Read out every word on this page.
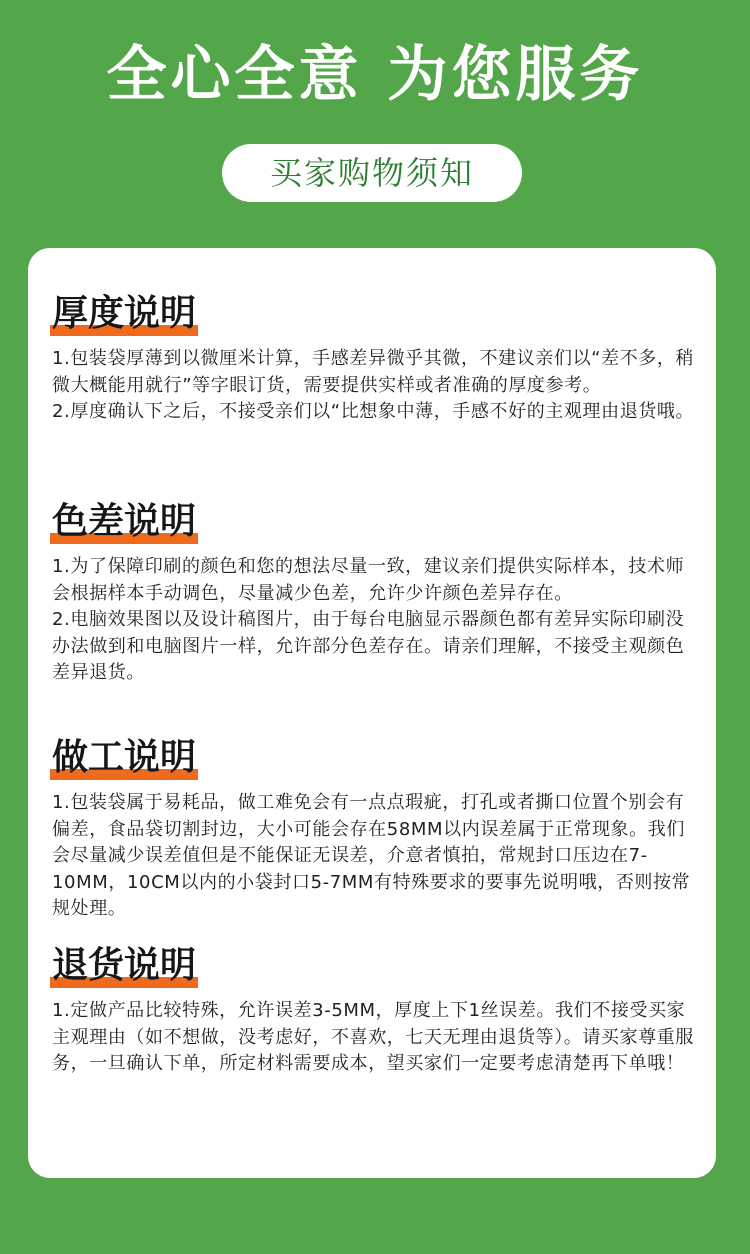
全心全意 为您服务
买家购物须知
厚度说明

1.包装袋厚薄到以微厘米计算，手感差异微乎其微，不建议亲们以“差不多，稍微大概能用就行”等字眼订货，需要提供实样或者准确的厚度参考。

2.厚度确认下之后，不接受亲们以“比想象中薄，手感不好的主观理由退货哦。

色差说明

1.为了保障印刷的颜色和您的想法尽量一致，建议亲们提供实际样本，技术师会根据样本手动调色，尽量减少色差，允许少许颜色差异存在。

2.电脑效果图以及设计稿图片，由于每台电脑显示器颜色都有差异实际印刷没办法做到和电脑图片一样，允许部分色差存在。请亲们理解，不接受主观颜色差异退货。

做工说明

1.包装袋属于易耗品，做工难免会有一点点瑕疵，打孔或者撕口位置个别会有偏差，食品袋切割封边，大小可能会存在58MM以内误差属于正常现象。我们会尽量减少误差值但是不能保证无误差，介意者慎拍，常规封口压边在7-10MM，10CM以内的小袋封口5-7MM有特殊要求的要事先说明哦，否则按常规处理。

退货说明

1.定做产品比较特殊，允许误差3-5MM，厚度上下1丝误差。我们不接受买家主观理由（如不想做，没考虑好，不喜欢，七天无理由退货等）。请买家尊重服务，一旦确认下单，所定材料需要成本，望买家们一定要考虑清楚再下单哦！
